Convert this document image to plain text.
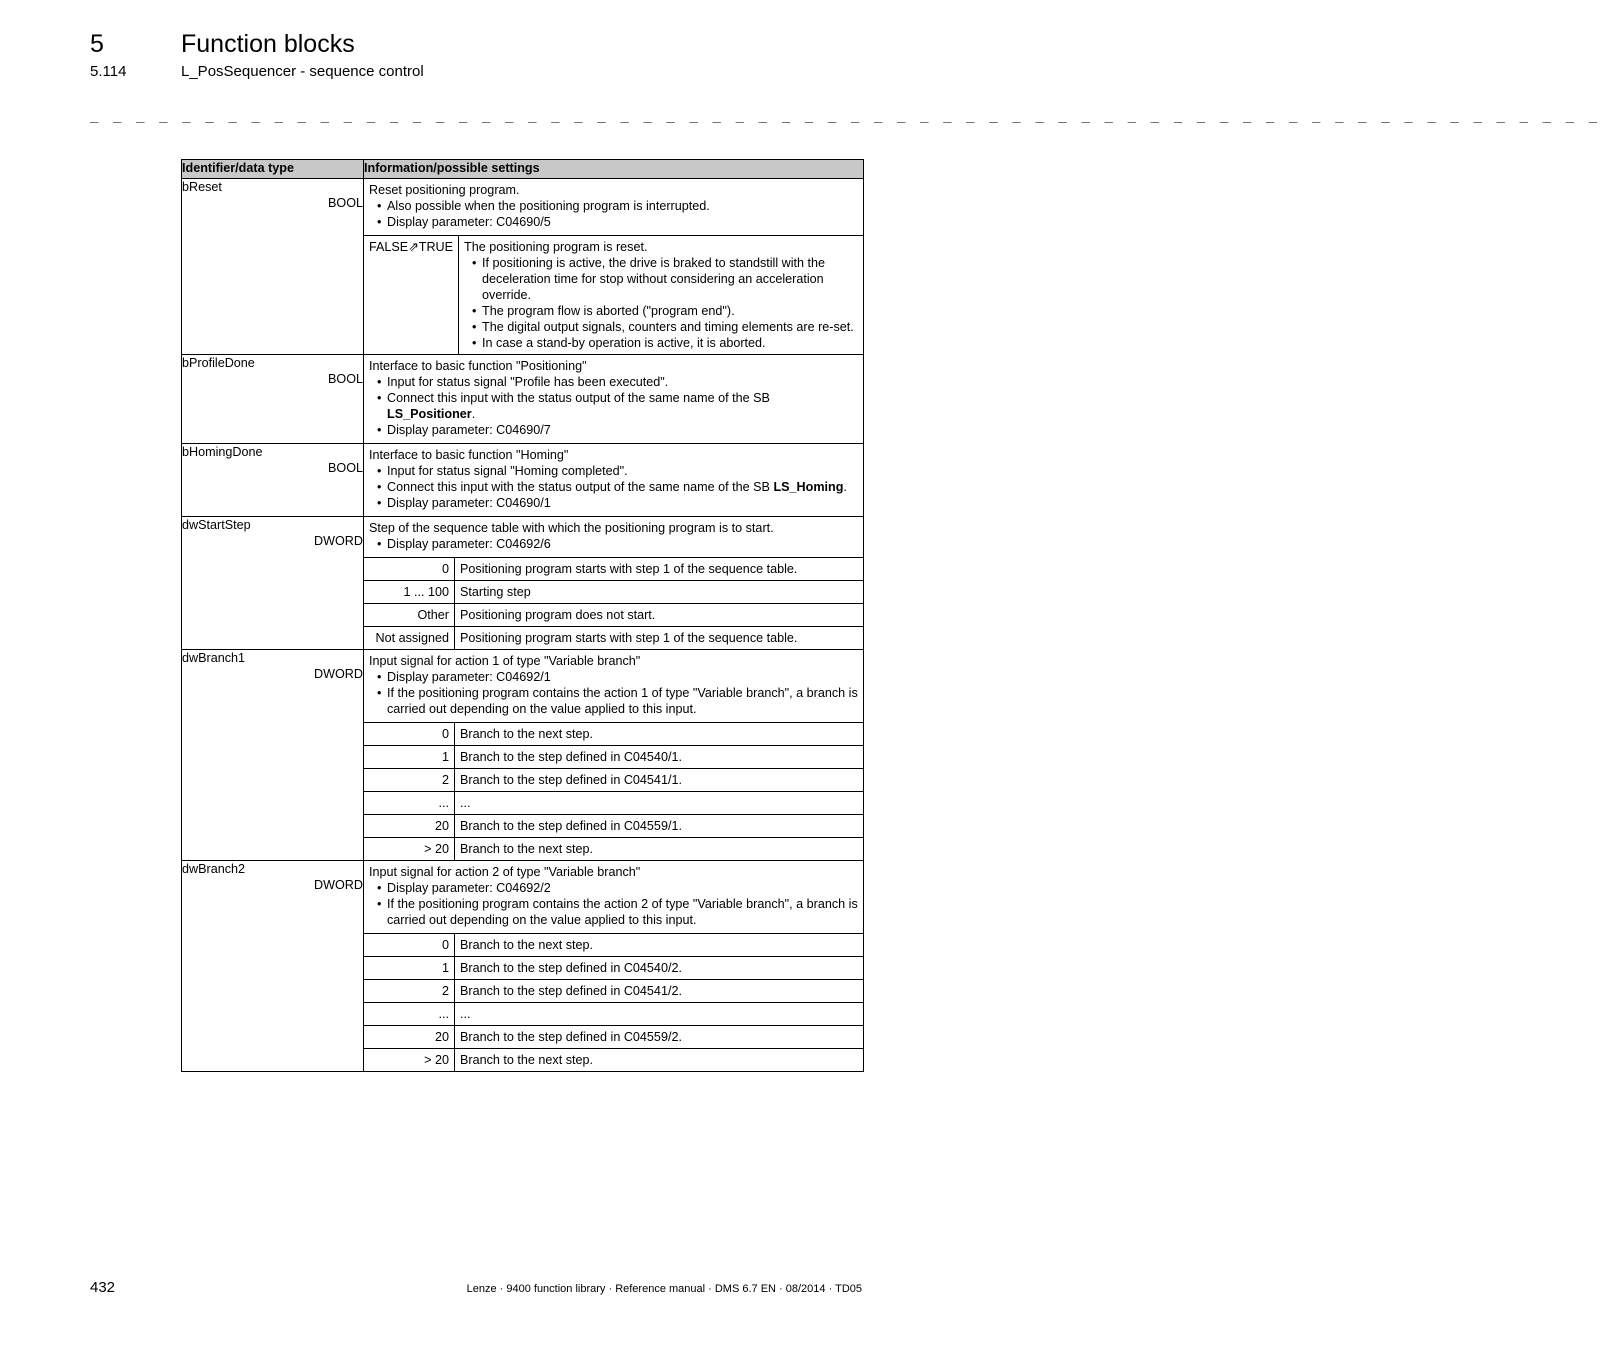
5	Function blocks
5.114	L_PosSequencer - sequence control
_ _ _ _ _ _ _ _ _ _ _ _ _ _ _ _ _ _ _ _ _ _ _ _ _ _ _ _ _ _ _ _ _ _ _ _ _ _ _ _ _ _ _ _ _ _ _ _ _ _ _ _ _ _ _ _ _ _ _ _ _ _ _ _ _ _
Identifier/data type	Information/possible settings

bReset
BOOL

Reset positioning program.
• Also possible when the positioning program is interrupted.
• Display parameter: C04690/5
FALSE⇗TRUE	The positioning program is reset.
• If positioning is active, the drive is braked to standstill with the deceleration time for stop without considering an acceleration override.
• The program flow is aborted ("program end").
• The digital output signals, counters and timing elements are re-set.
• In case a stand-by operation is active, it is aborted.

bProfileDone
BOOL

Interface to basic function "Positioning"
• Input for status signal "Profile has been executed".
• Connect this input with the status output of the same name of the SB LS_Positioner.
• Display parameter: C04690/7

bHomingDone
BOOL

Interface to basic function "Homing"
• Input for status signal "Homing completed".
• Connect this input with the status output of the same name of the SB LS_Homing.
• Display parameter: C04690/1

dwStartStep
DWORD

Step of the sequence table with which the positioning program is to start.
• Display parameter: C04692/6
0	Positioning program starts with step 1 of the sequence table.
1 ... 100	Starting step
Other	Positioning program does not start.
Not assigned	Positioning program starts with step 1 of the sequence table.

dwBranch1
DWORD

Input signal for action 1 of type "Variable branch"
• Display parameter: C04692/1
• If the positioning program contains the action 1 of type "Variable branch", a branch is carried out depending on the value applied to this input.
0	Branch to the next step.
1	Branch to the step defined in C04540/1.
2	Branch to the step defined in C04541/1.
...	...
20	Branch to the step defined in C04559/1.
> 20	Branch to the next step.

dwBranch2
DWORD

Input signal for action 2 of type "Variable branch"
• Display parameter: C04692/2
• If the positioning program contains the action 2 of type "Variable branch", a branch is carried out depending on the value applied to this input.
0	Branch to the next step.
1	Branch to the step defined in C04540/2.
2	Branch to the step defined in C04541/2.
...	...
20	Branch to the step defined in C04559/2.
> 20	Branch to the next step.
432	Lenze · 9400 function library · Reference manual · DMS 6.7 EN · 08/2014 · TD05
